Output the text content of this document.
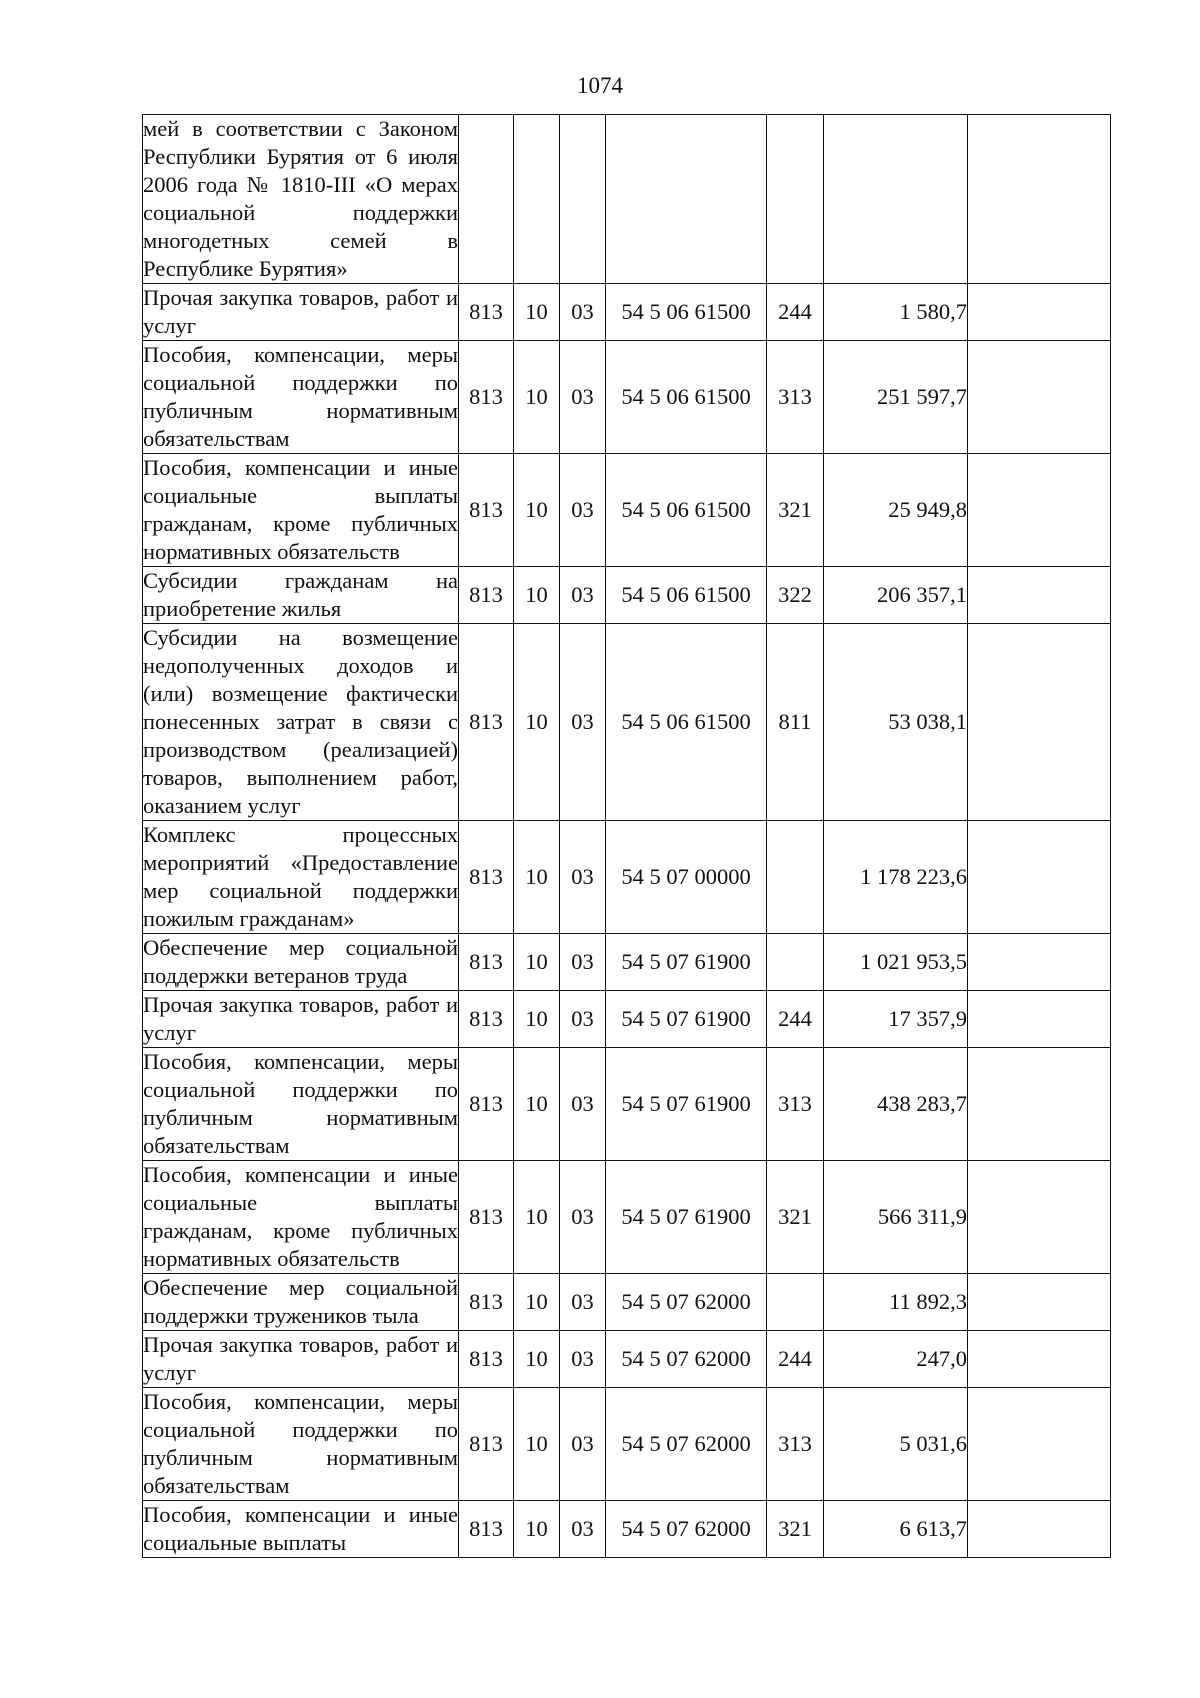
1074
мей в соответствии с Законом Республики Бурятия от 6 июля 2006 года № 1810-III «О мерах социальной поддержки многодетных семей в Республике Бурятия»							
Прочая закупка товаров, работ и услуг	813	10	03	54 5 06 61500	244	1 580,7	
Пособия, компенсации, меры социальной поддержки по публичным нормативным обязательствам	813	10	03	54 5 06 61500	313	251 597,7	
Пособия, компенсации и иные социальные выплаты гражданам, кроме публичных нормативных обязательств	813	10	03	54 5 06 61500	321	25 949,8	
Субсидии гражданам на приобретение жилья	813	10	03	54 5 06 61500	322	206 357,1	
Субсидии на возмещение недополученных доходов и (или) возмещение фактически понесенных затрат в связи с производством (реализацией) товаров, выполнением работ, оказанием услуг	813	10	03	54 5 06 61500	811	53 038,1	
Комплекс процессных мероприятий «Предоставление мер социальной поддержки пожилым гражданам»	813	10	03	54 5 07 00000		1 178 223,6	
Обеспечение мер социальной поддержки ветеранов труда	813	10	03	54 5 07 61900		1 021 953,5	
Прочая закупка товаров, работ и услуг	813	10	03	54 5 07 61900	244	17 357,9	
Пособия, компенсации, меры социальной поддержки по публичным нормативным обязательствам	813	10	03	54 5 07 61900	313	438 283,7	
Пособия, компенсации и иные социальные выплаты гражданам, кроме публичных нормативных обязательств	813	10	03	54 5 07 61900	321	566 311,9	
Обеспечение мер социальной поддержки тружеников тыла	813	10	03	54 5 07 62000		11 892,3	
Прочая закупка товаров, работ и услуг	813	10	03	54 5 07 62000	244	247,0	
Пособия, компенсации, меры социальной поддержки по публичным нормативным обязательствам	813	10	03	54 5 07 62000	313	5 031,6	
Пособия, компенсации и иные социальные выплаты	813	10	03	54 5 07 62000	321	6 613,7	
